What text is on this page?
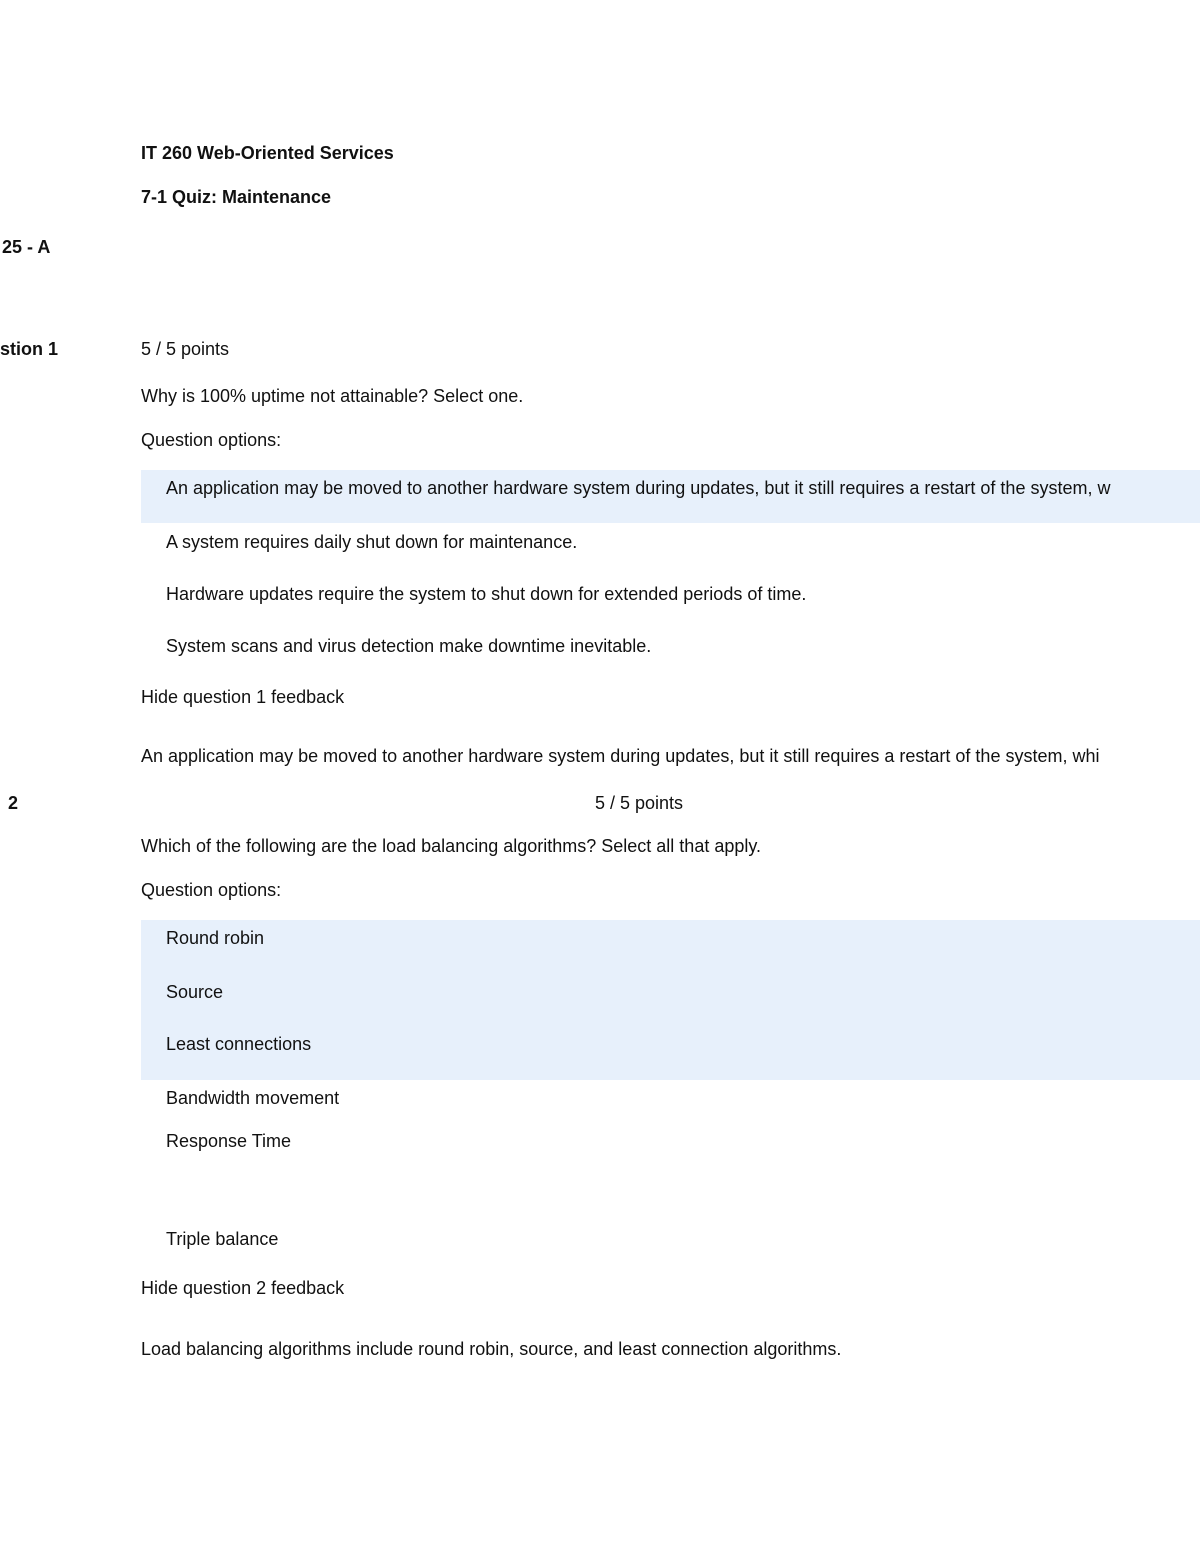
IT 260 Web-Oriented Services
7-1 Quiz: Maintenance
25 - A
stion 1	5 / 5 points
Why is 100% uptime not attainable? Select one.
Question options:
An application may be moved to another hardware system during updates, but it still requires a restart of the system, w
A system requires daily shut down for maintenance.
Hardware updates require the system to shut down for extended periods of time.
System scans and virus detection make downtime inevitable.
Hide question 1 feedback
An application may be moved to another hardware system during updates, but it still requires a restart of the system, whi
2	5 / 5 points
Which of the following are the load balancing algorithms? Select all that apply.
Question options:
Round robin
Source
Least connections
Bandwidth movement
Response Time
Triple balance
Hide question 2 feedback
Load balancing algorithms include round robin, source, and least connection algorithms.
